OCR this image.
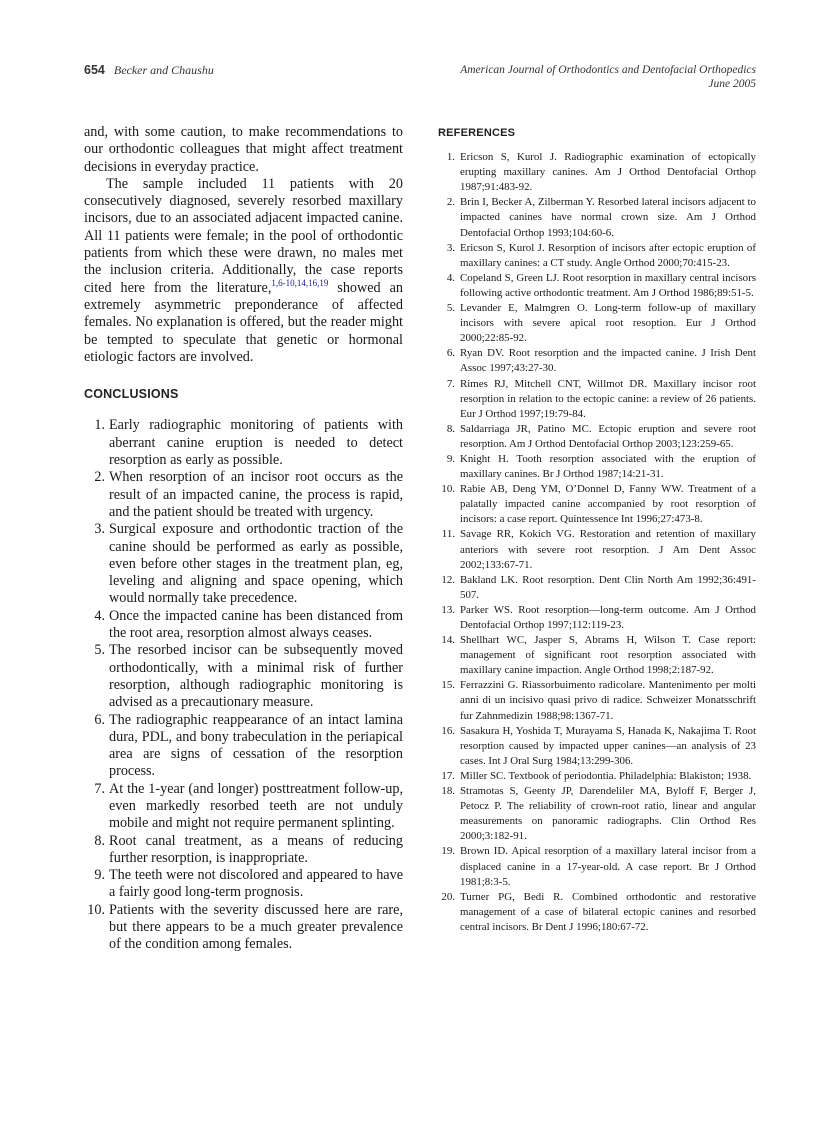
654 Becker and Chaushu	American Journal of Orthodontics and Dentofacial Orthopedics
June 2005

and, with some caution, to make recommendations to our orthodontic colleagues that might affect treatment decisions in everyday practice.

The sample included 11 patients with 20 consecutively diagnosed, severely resorbed maxillary incisors, due to an associated adjacent impacted canine. All 11 patients were female; in the pool of orthodontic patients from which these were drawn, no males met the inclusion criteria. Additionally, the case reports cited here from the literature,$^{1,6-10,14,16,19}$ showed an extremely asymmetric preponderance of affected females. No explanation is offered, but the reader might be tempted to speculate that genetic or hormonal etiologic factors are involved.

CONCLUSIONS
1. Early radiographic monitoring of patients with aberrant canine eruption is needed to detect resorption as early as possible.
2. When resorption of an incisor root occurs as the result of an impacted canine, the process is rapid, and the patient should be treated with urgency.
3. Surgical exposure and orthodontic traction of the canine should be performed as early as possible, even before other stages in the treatment plan, eg, leveling and aligning and space opening, which would normally take precedence.
4. Once the impacted canine has been distanced from the root area, resorption almost always ceases.
5. The resorbed incisor can be subsequently moved orthodontically, with a minimal risk of further resorption, although radiographic monitoring is advised as a precautionary measure.
6. The radiographic reappearance of an intact lamina dura, PDL, and bony trabeculation in the periapical area are signs of cessation of the resorption process.
7. At the 1-year (and longer) posttreatment follow-up, even markedly resorbed teeth are not unduly mobile and might not require permanent splinting.
8. Root canal treatment, as a means of reducing further resorption, is inappropriate.
9. The teeth were not discolored and appeared to have a fairly good long-term prognosis.
10. Patients with the severity discussed here are rare, but there appears to be a much greater prevalence of the condition among females.
REFERENCES
1. Ericson S, Kurol J. Radiographic examination of ectopically erupting maxillary canines. Am J Orthod Dentofacial Orthop 1987;91:483-92.
2. Brin I, Becker A, Zilberman Y. Resorbed lateral incisors adjacent to impacted canines have normal crown size. Am J Orthod Dentofacial Orthop 1993;104:60-6.
3. Ericson S, Kurol J. Resorption of incisors after ectopic eruption of maxillary canines: a CT study. Angle Orthod 2000;70:415-23.
4. Copeland S, Green LJ. Root resorption in maxillary central incisors following active orthodontic treatment. Am J Orthod 1986;89:51-5.
5. Levander E, Malmgren O. Long-term follow-up of maxillary incisors with severe apical root resoption. Eur J Orthod 2000;22:85-92.
6. Ryan DV. Root resorption and the impacted canine. J Irish Dent Assoc 1997;43:27-30.
7. Rimes RJ, Mitchell CNT, Willmot DR. Maxillary incisor root resorption in relation to the ectopic canine: a review of 26 patients. Eur J Orthod 1997;19:79-84.
8. Saldarriaga JR, Patino MC. Ectopic eruption and severe root resorption. Am J Orthod Dentofacial Orthop 2003;123:259-65.
9. Knight H. Tooth resorption associated with the eruption of maxillary canines. Br J Orthod 1987;14:21-31.
10. Rabie AB, Deng YM, O’Donnel D, Fanny WW. Treatment of a palatally impacted canine accompanied by root resorption of incisors: a case report. Quintessence Int 1996;27:473-8.
11. Savage RR, Kokich VG. Restoration and retention of maxillary anteriors with severe root resorption. J Am Dent Assoc 2002;133:67-71.
12. Bakland LK. Root resorption. Dent Clin North Am 1992;36:491-507.
13. Parker WS. Root resorption—long-term outcome. Am J Orthod Dentofacial Orthop 1997;112:119-23.
14. Shellhart WC, Jasper S, Abrams H, Wilson T. Case report: management of significant root resorption associated with maxillary canine impaction. Angle Orthod 1998;2:187-92.
15. Ferrazzini G. Riassorbuimento radicolare. Mantenimento per molti anni di un incisivo quasi privo di radice. Schweizer Monatsschrift fur Zahnmedizin 1988;98:1367-71.
16. Sasakura H, Yoshida T, Murayama S, Hanada K, Nakajima T. Root resorption caused by impacted upper canines—an analysis of 23 cases. Int J Oral Surg 1984;13:299-306.
17. Miller SC. Textbook of periodontia. Philadelphia: Blakiston; 1938.
18. Stramotas S, Geenty JP, Darendeliler MA, Byloff F, Berger J, Petocz P. The reliability of crown-root ratio, linear and angular measurements on panoramic radiographs. Clin Orthod Res 2000;3:182-91.
19. Brown ID. Apical resorption of a maxillary lateral incisor from a displaced canine in a 17-year-old. A case report. Br J Orthod 1981;8:3-5.
20. Turner PG, Bedi R. Combined orthodontic and restorative management of a case of bilateral ectopic canines and resorbed central incisors. Br Dent J 1996;180:67-72.
